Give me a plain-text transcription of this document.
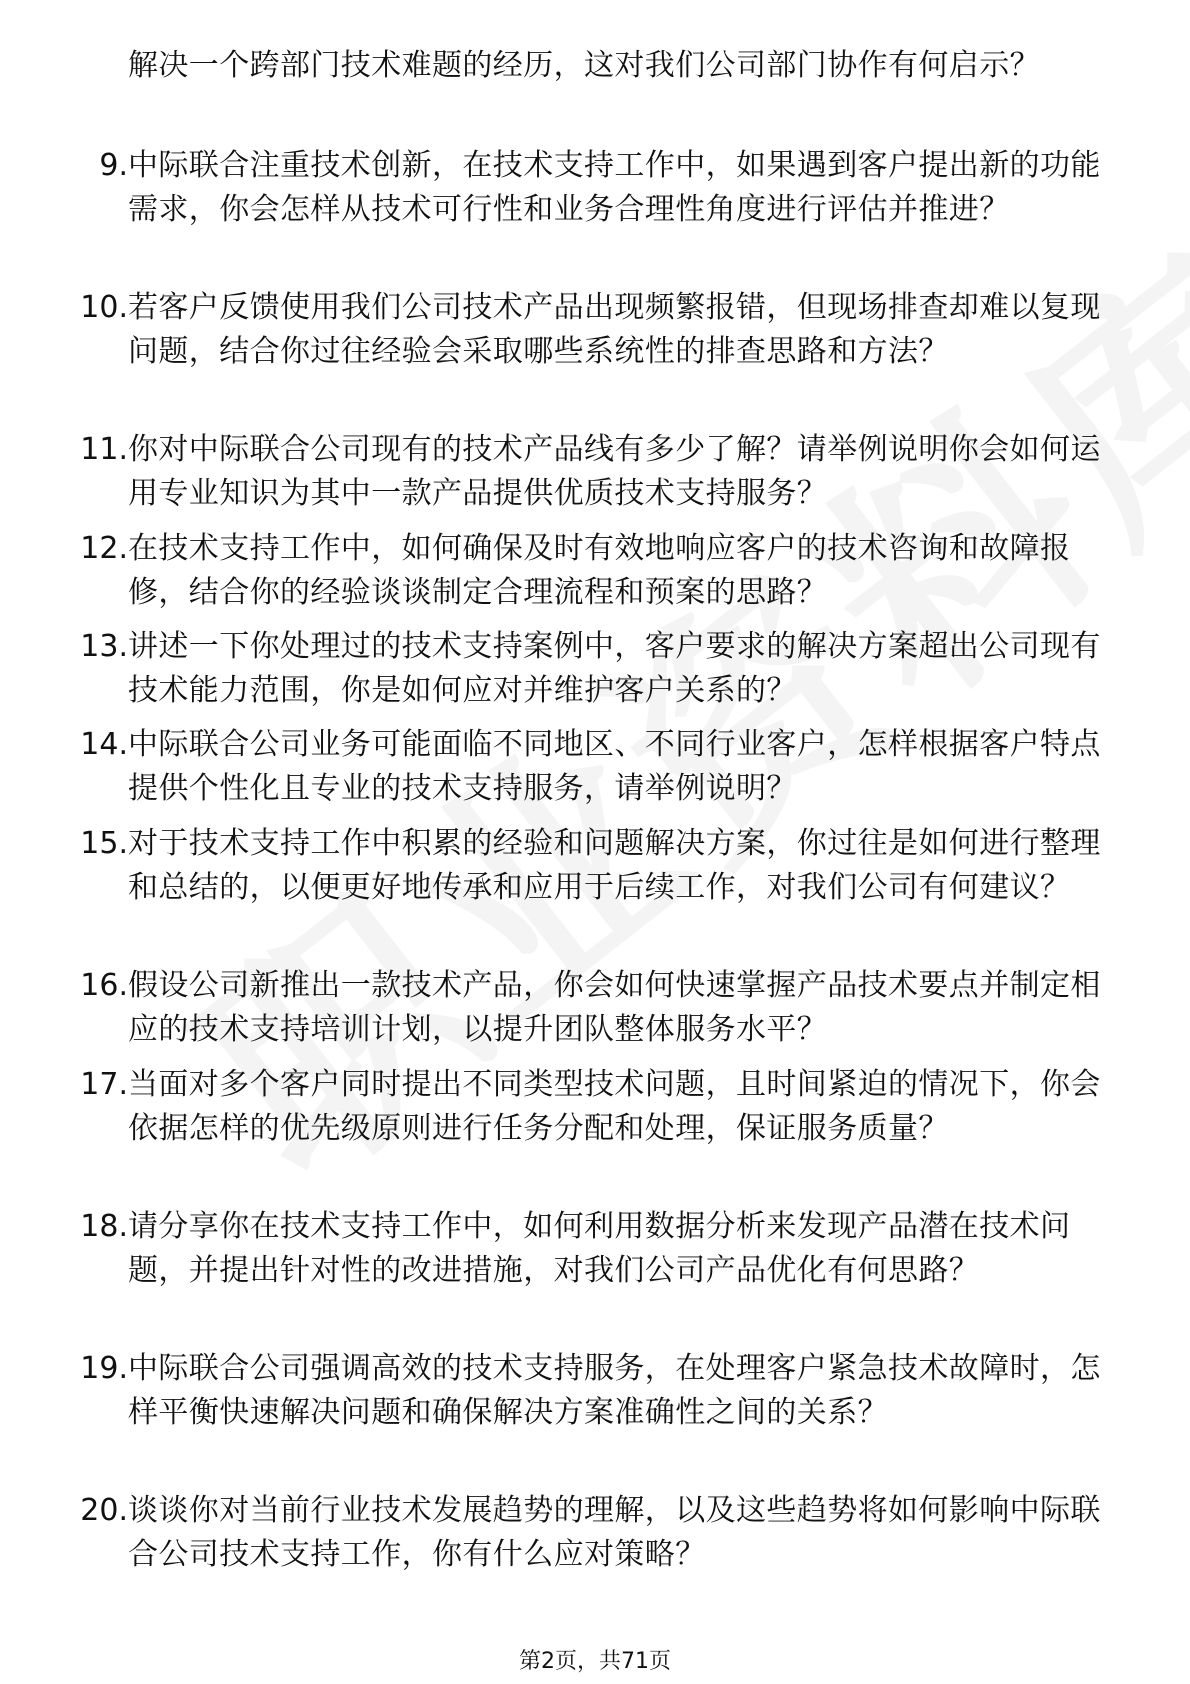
解决一个跨部门技术难题的经历，这对我们公司部门协作有何启示？
9. 中际联合注重技术创新，在技术支持工作中，如果遇到客户提出新的功能需求，你会怎样从技术可行性和业务合理性角度进行评估并推进？
10. 若客户反馈使用我们公司技术产品出现频繁报错，但现场排查却难以复现问题，结合你过往经验会采取哪些系统性的排查思路和方法？
11. 你对中际联合公司现有的技术产品线有多少了解？请举例说明你会如何运用专业知识为其中一款产品提供优质技术支持服务？
12. 在技术支持工作中，如何确保及时有效地响应客户的技术咨询和故障报修，结合你的经验谈谈制定合理流程和预案的思路？
13. 讲述一下你处理过的技术支持案例中，客户要求的解决方案超出公司现有技术能力范围，你是如何应对并维护客户关系的？
14. 中际联合公司业务可能面临不同地区、不同行业客户，怎样根据客户特点提供个性化且专业的技术支持服务，请举例说明？
15. 对于技术支持工作中积累的经验和问题解决方案，你过往是如何进行整理和总结的，以便更好地传承和应用于后续工作，对我们公司有何建议？
16. 假设公司新推出一款技术产品，你会如何快速掌握产品技术要点并制定相应的技术支持培训计划，以提升团队整体服务水平？
17. 当面对多个客户同时提出不同类型技术问题，且时间紧迫的情况下，你会依据怎样的优先级原则进行任务分配和处理，保证服务质量？
18. 请分享你在技术支持工作中，如何利用数据分析来发现产品潜在技术问题，并提出针对性的改进措施，对我们公司产品优化有何思路？
19. 中际联合公司强调高效的技术支持服务，在处理客户紧急技术故障时，怎样平衡快速解决问题和确保解决方案准确性之间的关系？
20. 谈谈你对当前行业技术发展趋势的理解，以及这些趋势将如何影响中际联合公司技术支持工作，你有什么应对策略？
第2页，共71页
